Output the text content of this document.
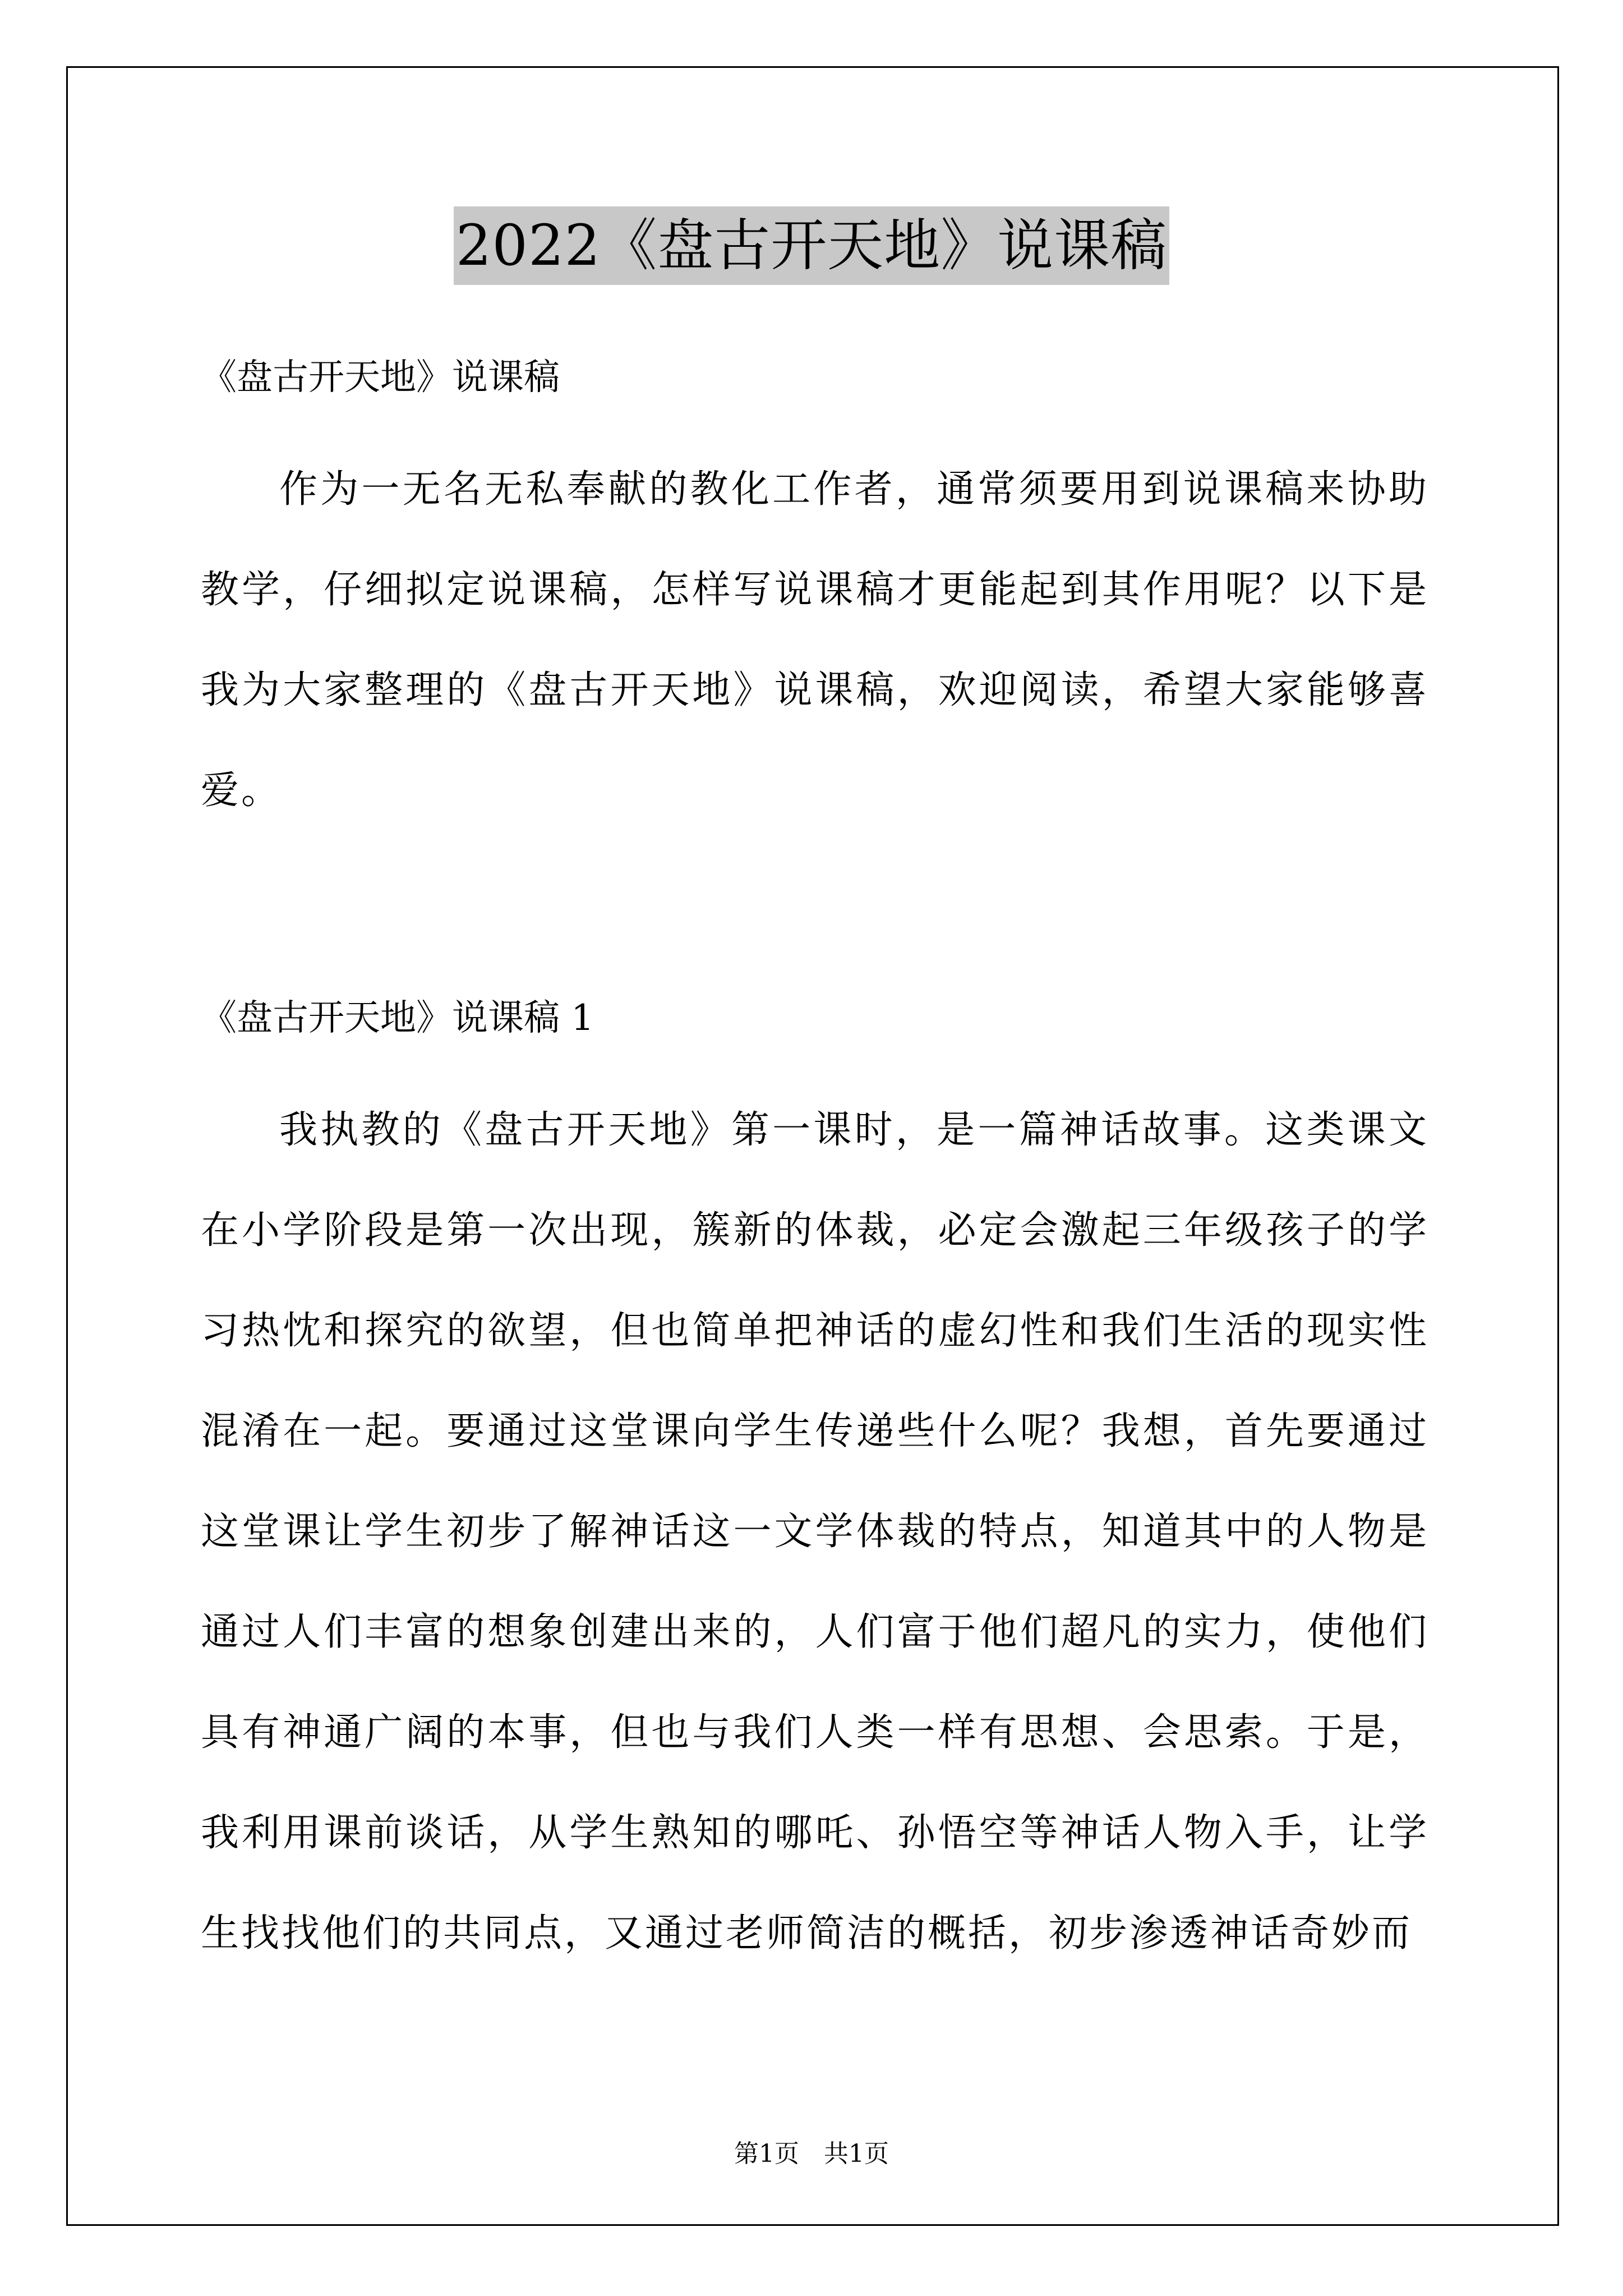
2022《盘古开天地》说课稿
《盘古开天地》说课稿
作为一无名无私奉献的教化工作者，通常须要用到说课稿来协助教学，仔细拟定说课稿，怎样写说课稿才更能起到其作用呢？以下是我为大家整理的《盘古开天地》说课稿，欢迎阅读，希望大家能够喜爱。
《盘古开天地》说课稿 1
我执教的《盘古开天地》第一课时，是一篇神话故事。这类课文在小学阶段是第一次出现，簇新的体裁，必定会激起三年级孩子的学习热忱和探究的欲望，但也简单把神话的虚幻性和我们生活的现实性混淆在一起。要通过这堂课向学生传递些什么呢？我想，首先要通过这堂课让学生初步了解神话这一文学体裁的特点，知道其中的人物是通过人们丰富的想象创建出来的，人们富于他们超凡的实力，使他们具有神通广阔的本事，但也与我们人类一样有思想、会思索。于是，我利用课前谈话，从学生熟知的哪吒、孙悟空等神话人物入手，让学生找找他们的共同点，又通过老师简洁的概括，初步渗透神话奇妙而
第1页　共1页
